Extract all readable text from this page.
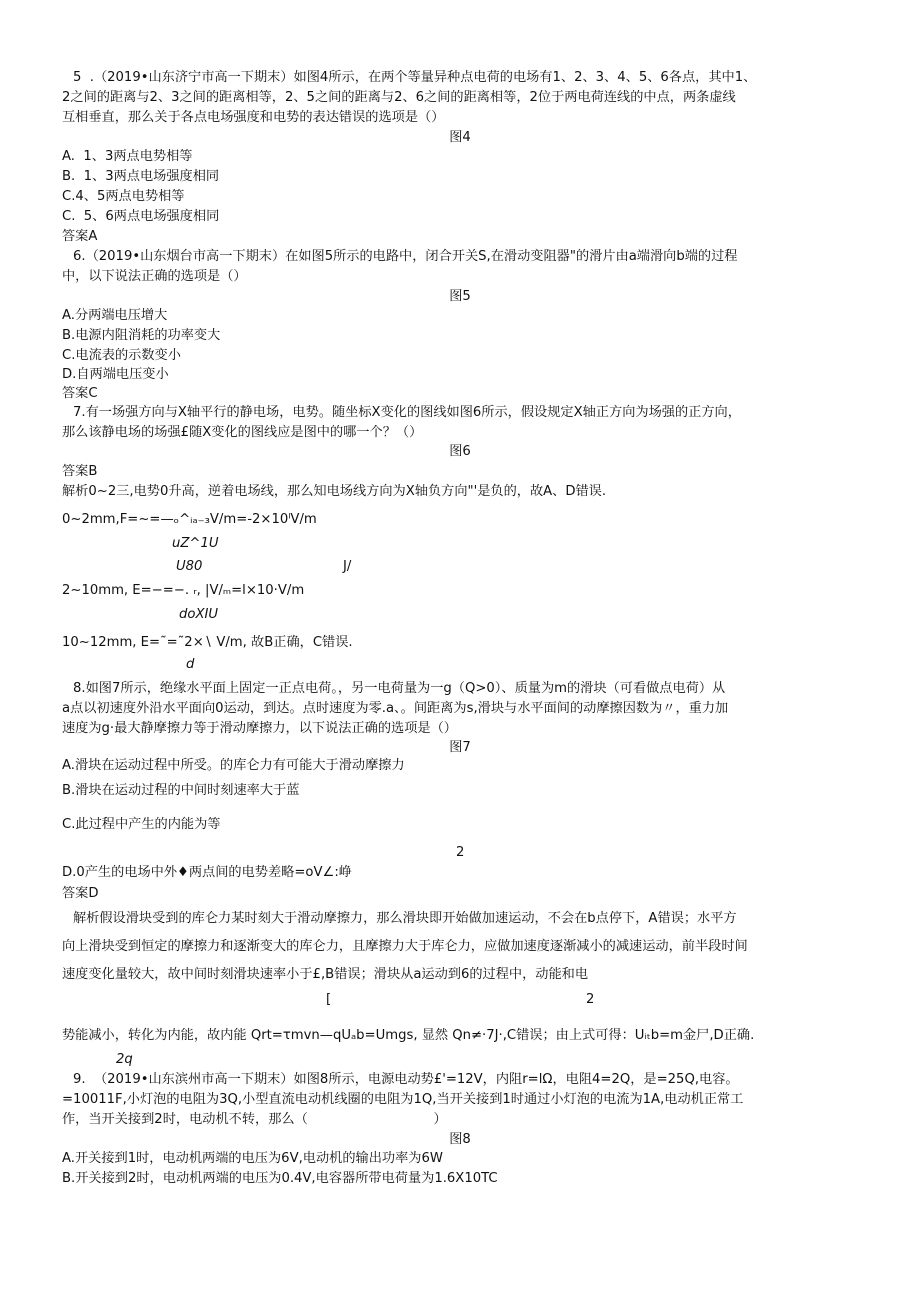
5  .（2019•山东济宁市高一下期末）如图4所示，在两个等量异种点电荷的电场有1、2、3、4、5、6各点，其中1、
2之间的距离与2、3之间的距离相等，2、5之间的距离与2、6之间的距离相等，2位于两电荷连线的中点，两条虚线
互相垂直，那么关于各点电场强度和电势的表达错误的选项是（）
图4
A.  1、3两点电势相等
B.  1、3两点电场强度相同
C.4、5两点电势相等
C.  5、6两点电场强度相同
答案A
6.（2019•山东烟台市高一下期末）在如图5所示的电路中，闭合开关S,在滑动变阻器"的滑片由a端滑向b端的过程
中，以下说法正确的选项是（）
图5
A.分两端电压增大
B.电源内阻消耗的功率变大
C.电流表的示数变小
D.自两端电压变小
答案C
7.有一场强方向与X轴平行的静电场，电势。随坐标X变化的图线如图6所示，假设规定X轴正方向为场强的正方向，
那么该静电场的场强£随X变化的图线应是图中的哪一个？（）
图6
答案B
解析0~2三,电势0升高，逆着电场线，那么知电场线方向为X轴负方向"'是负的，故A、D错误.
0~2mm,F=~=—ₒ^ᵢₐ₋₃V/m=-2×10ˡV/m
uZ^1U
U80	J/
2~10mm, E=−=−. ᵣ, |V/ₘ=l×10·V/m
doXIU
10~12mm, E=˜=˜2×∖ V/m, 故B正确，C错误.
d
8.如图7所示，绝缘水平面上固定一正点电荷。，另一电荷量为一g（Q>0）、质量为m的滑块（可看做点电荷）从
a点以初速度外沿水平面向0运动，到达。点时速度为零.a、。间距离为s,滑块与水平面间的动摩擦因数为〃，重力加
速度为g·最大静摩擦力等于滑动摩擦力，以下说法正确的选项是（）
图7
A.滑块在运动过程中所受。的库仑力有可能大于滑动摩擦力
B.滑块在运动过程的中间时刻速率大于蓝
C.此过程中产生的内能为等
2
D.0产生的电场中外♦两点间的电势差略=oV∠:峥
答案D
解析假设滑块受到的库仑力某时刻大于滑动摩擦力，那么滑块即开始做加速运动，不会在b点停下，A错误；水平方
向上滑块受到恒定的摩擦力和逐渐变大的库仑力，且摩擦力大于库仑力，应做加速度逐渐减小的减速运动，前半段时间
速度变化量较大，故中间时刻滑块速率小于£,B错误；滑块从a运动到6的过程中，动能和电
[	2
势能减小，转化为内能，故内能 Qrt=τmvn—qUₐb=Umgs, 显然 Qn≠·7J·,C错误；由上式可得：Uᵢₜb=m金尸,D正确.
2q
9.  （2019•山东滨州市高一下期末）如图8所示，电源电动势£'=12V，内阻r=lΩ，电阻4=2Q，是=25Q,电容。
=10011F,小灯泡的电阻为3Q,小型直流电动机线圈的电阻为1Q,当开关接到1时通过小灯泡的电流为1A,电动机正常工
作，当开关接到2时，电动机不转，那么（                              ）
图8
A.开关接到1时，电动机两端的电压为6V,电动机的输出功率为6W
B.开关接到2时，电动机两端的电压为0.4V,电容器所带电荷量为1.6X10TC
